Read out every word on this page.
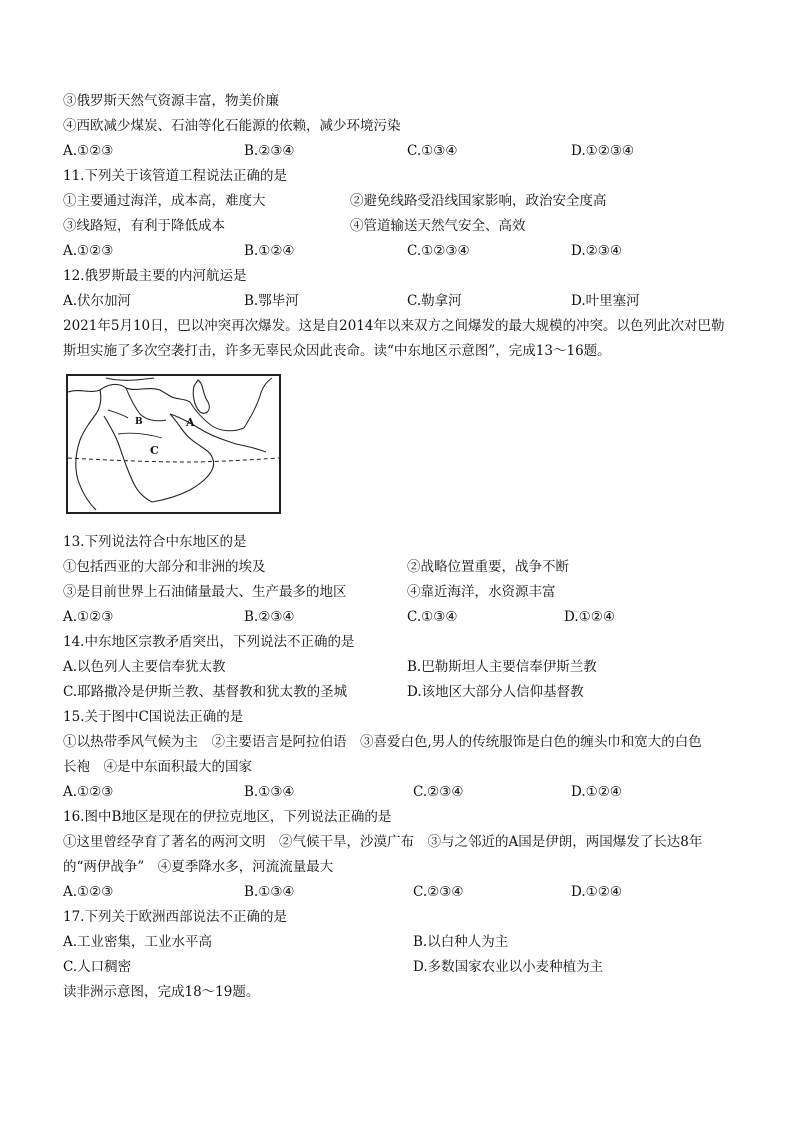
③俄罗斯天然气资源丰富，物美价廉
④西欧减少煤炭、石油等化石能源的依赖，减少环境污染
A.①②③	B.②③④	C.①③④	D.①②③④
11.下列关于该管道工程说法正确的是
①主要通过海洋，成本高，难度大	②避免线路受沿线国家影响，政治安全度高
③线路短，有利于降低成本	④管道输送天然气安全、高效
A.①②③	B.①②④	C.①②③④	D.②③④
12.俄罗斯最主要的内河航运是
A.伏尔加河	B.鄂毕河	C.勒拿河	D.叶里塞河
2021年5月10日，巴以冲突再次爆发。这是自2014年以来双方之间爆发的最大规模的冲突。以色列此次对巴勒
斯坦实施了多次空袭打击，许多无辜民众因此丧命。读“中东地区示意图”，完成13～16题。
A
B
C
13.下列说法符合中东地区的是
①包括西亚的大部分和非洲的埃及	②战略位置重要，战争不断
③是目前世界上石油储量最大、生产最多的地区	④靠近海洋，水资源丰富
A.①②③	B.②③④	C.①③④	D.①②④
14.中东地区宗教矛盾突出，下列说法不正确的是
A.以色列人主要信奉犹太教	B.巴勒斯坦人主要信奉伊斯兰教
C.耶路撒冷是伊斯兰教、基督教和犹太教的圣城	D.该地区大部分人信仰基督教
15.关于图中C国说法正确的是
①以热带季风气候为主　②主要语言是阿拉伯语　③喜爱白色,男人的传统服饰是白色的缠头巾和宽大的白色
长袍　④是中东面积最大的国家
A.①②③	B.①③④	C.②③④	D.①②④
16.图中B地区是现在的伊拉克地区，下列说法正确的是
①这里曾经孕育了著名的两河文明　②气候干旱，沙漠广布　③与之邻近的A国是伊朗，两国爆发了长达8年
的“两伊战争”　④夏季降水多，河流流量最大
A.①②③	B.①③④	C.②③④	D.①②④
17.下列关于欧洲西部说法不正确的是
A.工业密集，工业水平高	B.以白种人为主
C.人口稠密	D.多数国家农业以小麦种植为主
读非洲示意图，完成18～19题。
